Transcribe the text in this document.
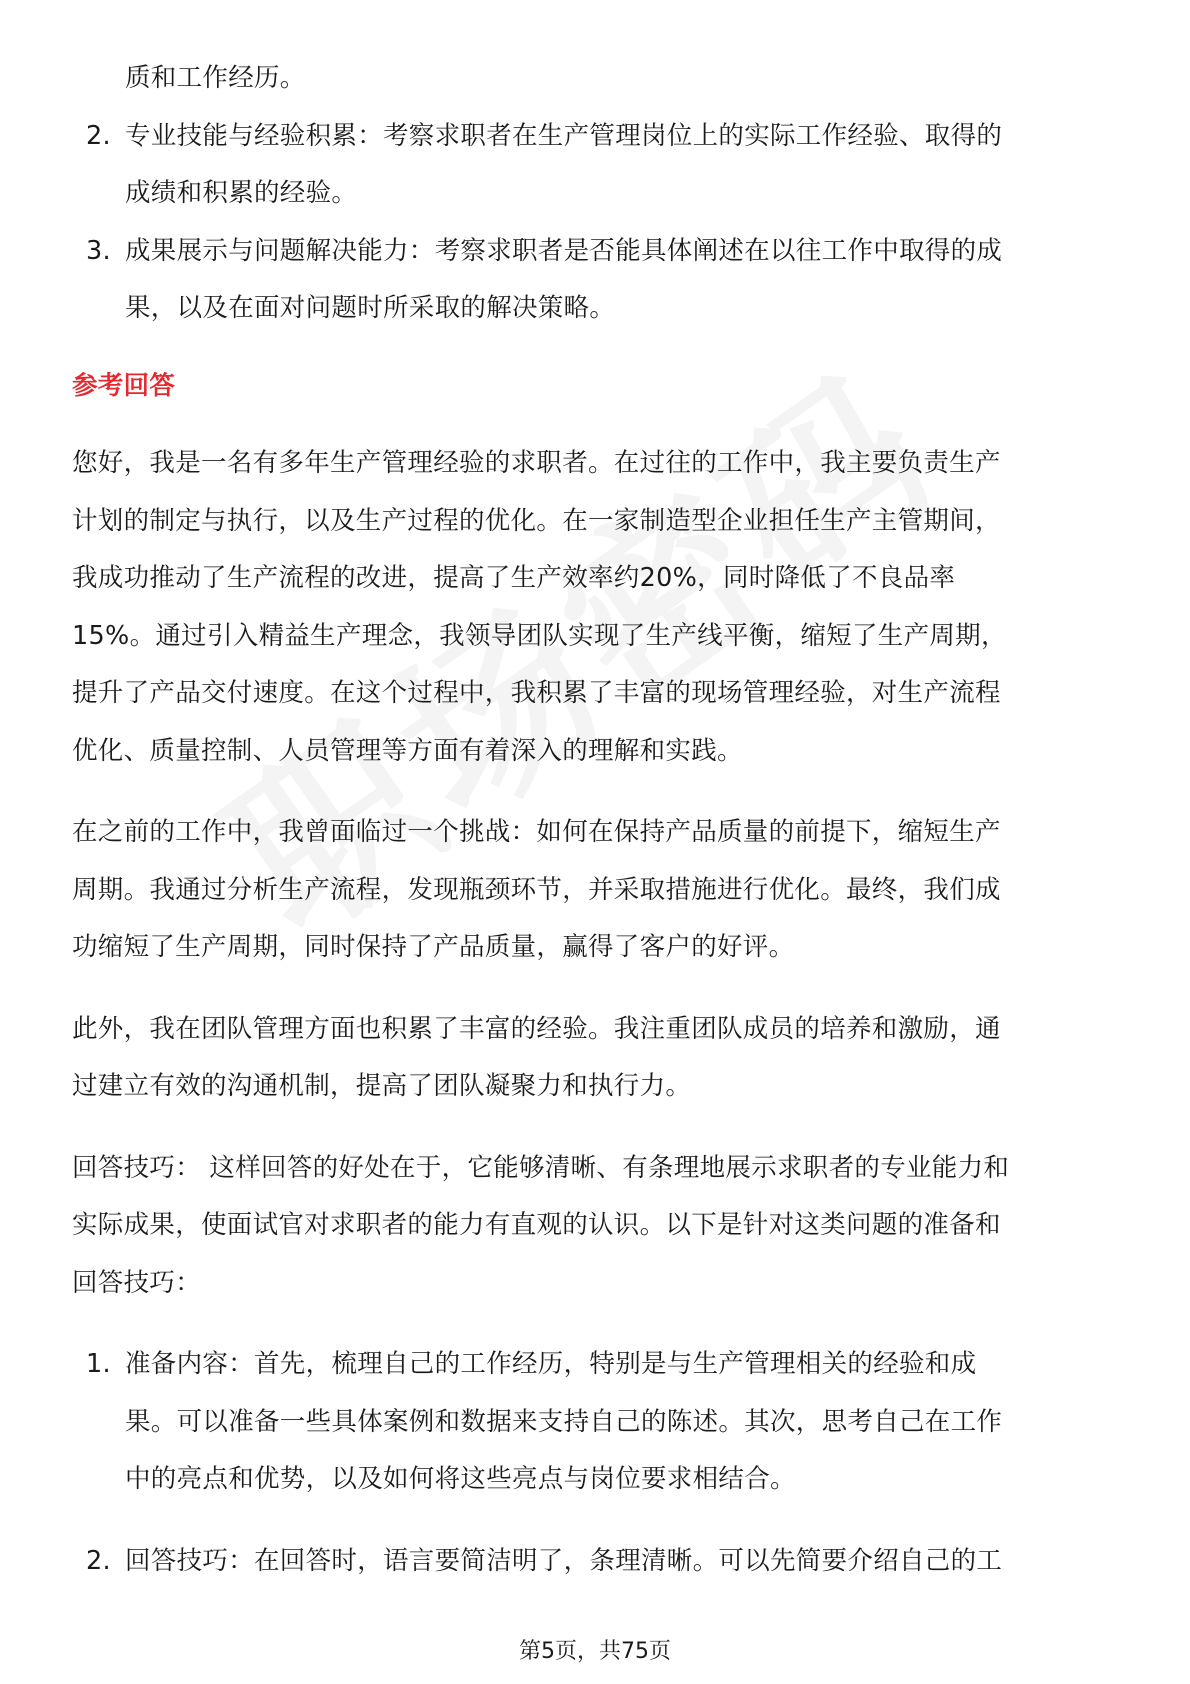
质和工作经历。
2. 专业技能与经验积累：考察求职者在生产管理岗位上的实际工作经验、取得的
成绩和积累的经验。
3. 成果展示与问题解决能力：考察求职者是否能具体阐述在以往工作中取得的成
果，以及在面对问题时所采取的解决策略。
参考回答
您好，我是一名有多年生产管理经验的求职者。在过往的工作中，我主要负责生产
计划的制定与执行，以及生产过程的优化。在一家制造型企业担任生产主管期间，
我成功推动了生产流程的改进，提高了生产效率约20%，同时降低了不良品率
15%。通过引入精益生产理念，我领导团队实现了生产线平衡，缩短了生产周期，
提升了产品交付速度。在这个过程中，我积累了丰富的现场管理经验，对生产流程
优化、质量控制、人员管理等方面有着深入的理解和实践。
在之前的工作中，我曾面临过一个挑战：如何在保持产品质量的前提下，缩短生产
周期。我通过分析生产流程，发现瓶颈环节，并采取措施进行优化。最终，我们成
功缩短了生产周期，同时保持了产品质量，赢得了客户的好评。
此外，我在团队管理方面也积累了丰富的经验。我注重团队成员的培养和激励，通
过建立有效的沟通机制，提高了团队凝聚力和执行力。
回答技巧： 这样回答的好处在于，它能够清晰、有条理地展示求职者的专业能力和
实际成果，使面试官对求职者的能力有直观的认识。以下是针对这类问题的准备和
回答技巧：
1. 准备内容：首先，梳理自己的工作经历，特别是与生产管理相关的经验和成
果。可以准备一些具体案例和数据来支持自己的陈述。其次，思考自己在工作
中的亮点和优势，以及如何将这些亮点与岗位要求相结合。
2. 回答技巧：在回答时，语言要简洁明了，条理清晰。可以先简要介绍自己的工
第5页，共75页
